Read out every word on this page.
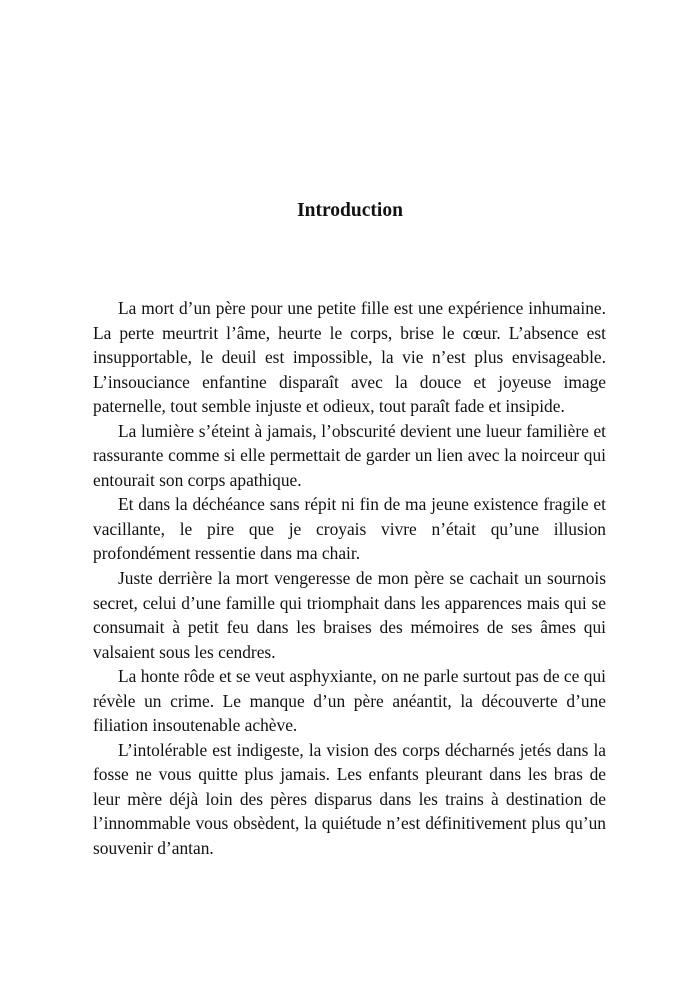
Introduction

La mort d’un père pour une petite fille est une expérience inhumaine. La perte meurtrit l’âme, heurte le corps, brise le cœur. L’absence est insupportable, le deuil est impossible, la vie n’est plus envisageable. L’insouciance enfantine disparaît avec la douce et joyeuse image paternelle, tout semble injuste et odieux, tout paraît fade et insipide.

La lumière s’éteint à jamais, l’obscurité devient une lueur familière et rassurante comme si elle permettait de garder un lien avec la noirceur qui entourait son corps apathique.

Et dans la déchéance sans répit ni fin de ma jeune existence fragile et vacillante, le pire que je croyais vivre n’était qu’une illusion profondément ressentie dans ma chair.

Juste derrière la mort vengeresse de mon père se cachait un sournois secret, celui d’une famille qui triomphait dans les apparences mais qui se consumait à petit feu dans les braises des mémoires de ses âmes qui valsaient sous les cendres.

La honte rôde et se veut asphyxiante, on ne parle surtout pas de ce qui révèle un crime. Le manque d’un père anéantit, la découverte d’une filiation insoutenable achève.

L’intolérable est indigeste, la vision des corps décharnés jetés dans la fosse ne vous quitte plus jamais. Les enfants pleurant dans les bras de leur mère déjà loin des pères disparus dans les trains à destination de l’innommable vous obsèdent, la quiétude n’est définitivement plus qu’un souvenir d’antan.
